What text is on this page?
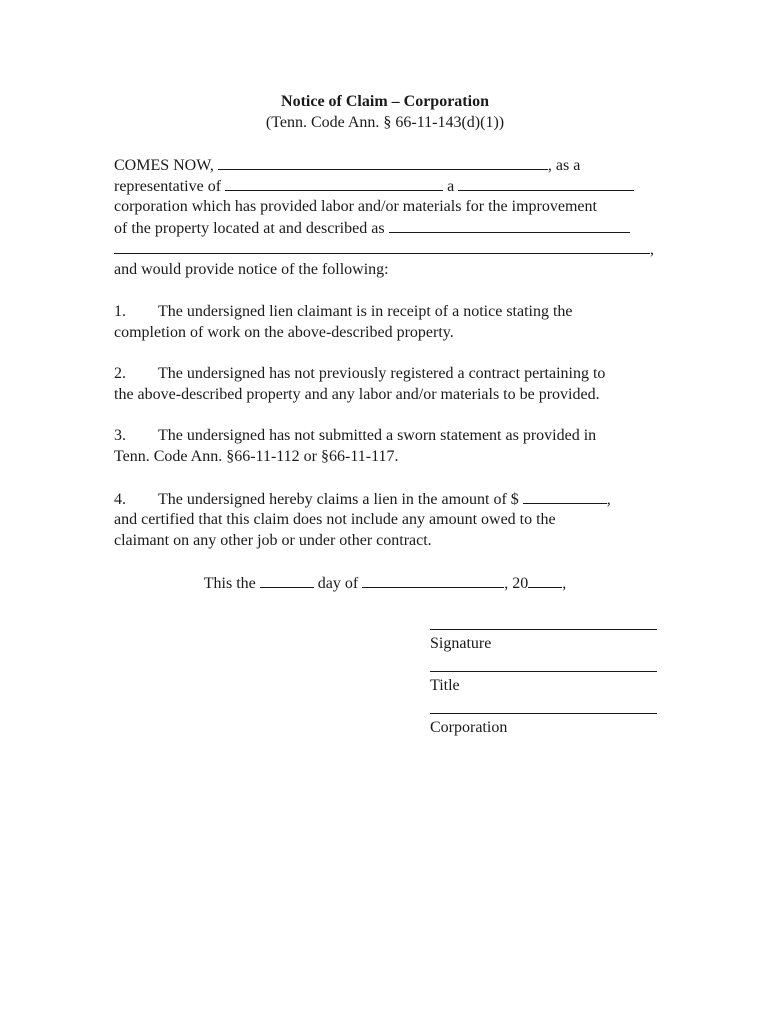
Notice of Claim – Corporation
(Tenn. Code Ann. § 66-11-143(d)(1))
COMES NOW,	, as a
representative of	a
corporation which has provided labor and/or materials for the improvement
of the property located at and described as
,
and would provide notice of the following:
1. The undersigned lien claimant is in receipt of a notice stating the
completion of work on the above-described property.
2. The undersigned has not previously registered a contract pertaining to
the above-described property and any labor and/or materials to be provided.
3. The undersigned has not submitted a sworn statement as provided in
Tenn. Code Ann. §66-11-112 or §66-11-117.
4. The undersigned hereby claims a lien in the amount of $	,
and certified that this claim does not include any amount owed to the
claimant on any other job or under other contract.
This the	day of	, 20 ,
Signature
Title
Corporation
